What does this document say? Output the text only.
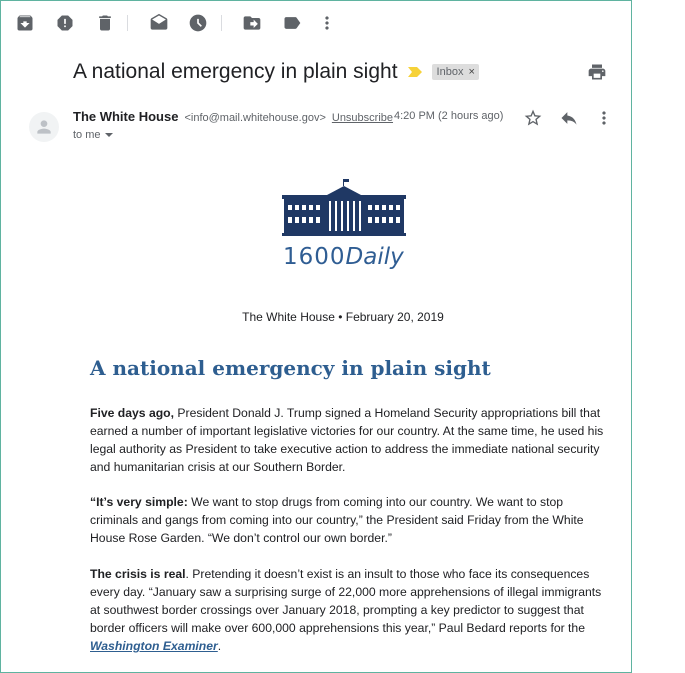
A national emergency in plain sight	Inbox ×
The White House <info@mail.whitehouse.gov> Unsubscribe 4:20 PM (2 hours ago)
to me
1600Daily
The White House • February 20, 2019
A national emergency in plain sight
Five days ago, President Donald J. Trump signed a Homeland Security appropriations bill that earned a number of important legislative victories for our country. At the same time, he used his legal authority as President to take executive action to address the immediate national security and humanitarian crisis at our Southern Border.
“It’s very simple: We want to stop drugs from coming into our country. We want to stop criminals and gangs from coming into our country,” the President said Friday from the White House Rose Garden. “We don’t control our own border.”
The crisis is real. Pretending it doesn’t exist is an insult to those who face its consequences every day. “January saw a surprising surge of 22,000 more apprehensions of illegal immigrants at southwest border crossings over January 2018, prompting a key predictor to suggest that border officers will make over 600,000 apprehensions this year,” Paul Bedard reports for the Washington Examiner.
